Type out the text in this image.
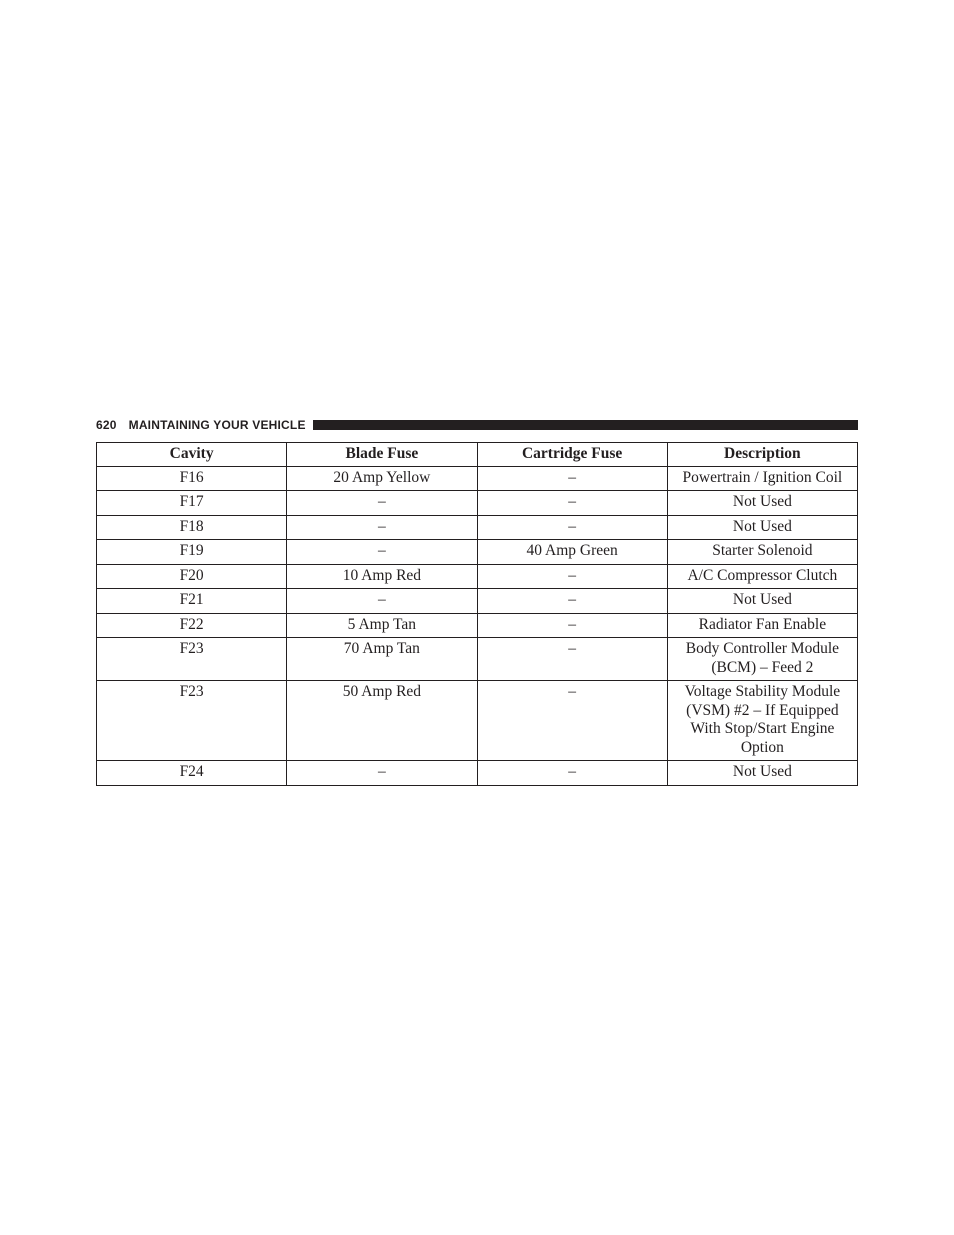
620 MAINTAINING YOUR VEHICLE
Cavity	Blade Fuse	Cartridge Fuse	Description
F16	20 Amp Yellow	–	Powertrain / Ignition Coil
F17	–	–	Not Used
F18	–	–	Not Used
F19	–	40 Amp Green	Starter Solenoid
F20	10 Amp Red	–	A/C Compressor Clutch
F21	–	–	Not Used
F22	5 Amp Tan	–	Radiator Fan Enable
F23	70 Amp Tan	–	Body Controller Module (BCM) – Feed 2
F23	50 Amp Red	–	Voltage Stability Module (VSM) #2 – If Equipped With Stop/Start Engine Option
F24	–	–	Not Used
